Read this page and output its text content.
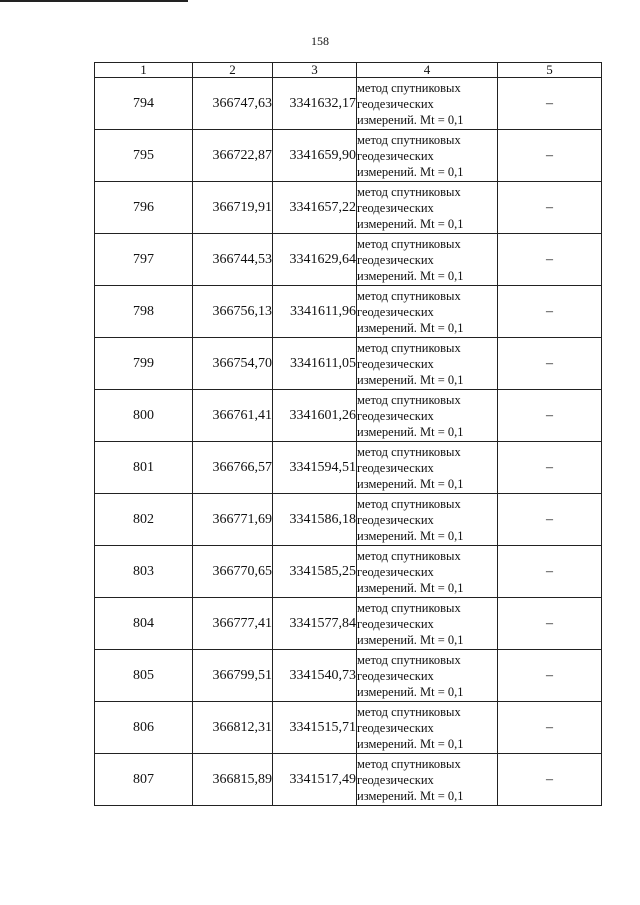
158
1	2	3	4	5
794	366747,63	3341632,17	метод спутниковых
геодезических
измерений. Mt = 0,1	–
795	366722,87	3341659,90	метод спутниковых
геодезических
измерений. Mt = 0,1	–
796	366719,91	3341657,22	метод спутниковых
геодезических
измерений. Mt = 0,1	–
797	366744,53	3341629,64	метод спутниковых
геодезических
измерений. Mt = 0,1	–
798	366756,13	3341611,96	метод спутниковых
геодезических
измерений. Mt = 0,1	–
799	366754,70	3341611,05	метод спутниковых
геодезических
измерений. Mt = 0,1	–
800	366761,41	3341601,26	метод спутниковых
геодезических
измерений. Mt = 0,1	–
801	366766,57	3341594,51	метод спутниковых
геодезических
измерений. Mt = 0,1	–
802	366771,69	3341586,18	метод спутниковых
геодезических
измерений. Mt = 0,1	–
803	366770,65	3341585,25	метод спутниковых
геодезических
измерений. Mt = 0,1	–
804	366777,41	3341577,84	метод спутниковых
геодезических
измерений. Mt = 0,1	–
805	366799,51	3341540,73	метод спутниковых
геодезических
измерений. Mt = 0,1	–
806	366812,31	3341515,71	метод спутниковых
геодезических
измерений. Mt = 0,1	–
807	366815,89	3341517,49	метод спутниковых
геодезических
измерений. Mt = 0,1	–
